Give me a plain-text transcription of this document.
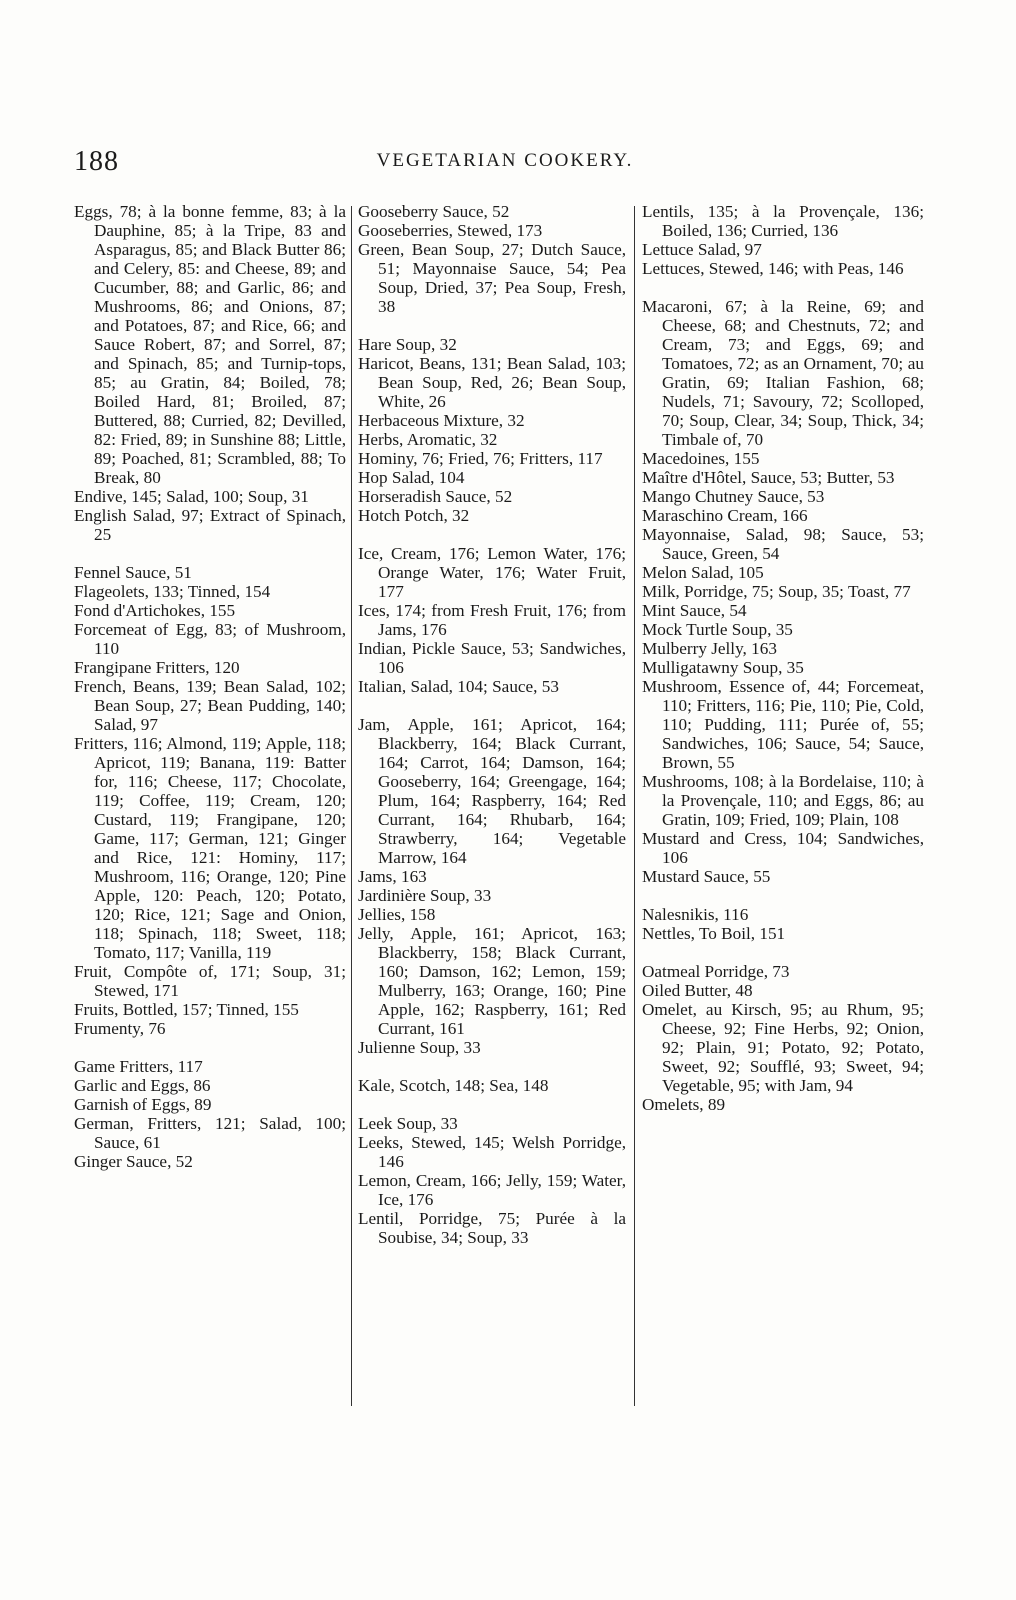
188	VEGETARIAN COOKERY.

Eggs, 78; à la bonne femme, 83; à la Dauphine, 85; à la Tripe, 83 and Asparagus, 85; and Black Butter 86; and Celery, 85: and Cheese, 89; and Cucumber, 88; and Garlic, 86; and Mushrooms, 86; and Onions, 87; and Potatoes, 87; and Rice, 66; and Sauce Robert, 87; and Sorrel, 87; and Spinach, 85; and Turnip-tops, 85; au Gratin, 84; Boiled, 78; Boiled Hard, 81; Broiled, 87; Buttered, 88; Curried, 82; Devilled, 82: Fried, 89; in Sunshine 88; Little, 89; Poached, 81; Scrambled, 88; To Break, 80

Endive, 145; Salad, 100; Soup, 31

English Salad, 97; Extract of Spinach, 25

Fennel Sauce, 51

Flageolets, 133; Tinned, 154

Fond d'Artichokes, 155

Forcemeat of Egg, 83; of Mushroom, 110

Frangipane Fritters, 120

French, Beans, 139; Bean Salad, 102; Bean Soup, 27; Bean Pudding, 140; Salad, 97

Fritters, 116; Almond, 119; Apple, 118; Apricot, 119; Banana, 119: Batter for, 116; Cheese, 117; Chocolate, 119; Coffee, 119; Cream, 120; Custard, 119; Frangipane, 120; Game, 117; German, 121; Ginger and Rice, 121: Hominy, 117; Mushroom, 116; Orange, 120; Pine Apple, 120: Peach, 120; Potato, 120; Rice, 121; Sage and Onion, 118; Spinach, 118; Sweet, 118; Tomato, 117; Vanilla, 119

Fruit, Compôte of, 171; Soup, 31; Stewed, 171

Fruits, Bottled, 157; Tinned, 155

Frumenty, 76

Game Fritters, 117

Garlic and Eggs, 86

Garnish of Eggs, 89

German, Fritters, 121; Salad, 100; Sauce, 61

Ginger Sauce, 52

Gooseberry Sauce, 52

Gooseberries, Stewed, 173

Green, Bean Soup, 27; Dutch Sauce, 51; Mayonnaise Sauce, 54; Pea Soup, Dried, 37; Pea Soup, Fresh, 38

Hare Soup, 32

Haricot, Beans, 131; Bean Salad, 103; Bean Soup, Red, 26; Bean Soup, White, 26

Herbaceous Mixture, 32

Herbs, Aromatic, 32

Hominy, 76; Fried, 76; Fritters, 117

Hop Salad, 104

Horseradish Sauce, 52

Hotch Potch, 32

Ice, Cream, 176; Lemon Water, 176; Orange Water, 176; Water Fruit, 177

Ices, 174; from Fresh Fruit, 176; from Jams, 176

Indian, Pickle Sauce, 53; Sandwiches, 106

Italian, Salad, 104; Sauce, 53

Jam, Apple, 161; Apricot, 164; Blackberry, 164; Black Currant, 164; Carrot, 164; Damson, 164; Gooseberry, 164; Greengage, 164; Plum, 164; Raspberry, 164; Red Currant, 164; Rhubarb, 164; Strawberry, 164; Vegetable Marrow, 164

Jams, 163

Jardinière Soup, 33

Jellies, 158

Jelly, Apple, 161; Apricot, 163; Blackberry, 158; Black Currant, 160; Damson, 162; Lemon, 159; Mulberry, 163; Orange, 160; Pine Apple, 162; Raspberry, 161; Red Currant, 161

Julienne Soup, 33

Kale, Scotch, 148; Sea, 148

Leek Soup, 33

Leeks, Stewed, 145; Welsh Porridge, 146

Lemon, Cream, 166; Jelly, 159; Water, Ice, 176

Lentil, Porridge, 75; Purée à la Soubise, 34; Soup, 33

Lentils, 135; à la Provençale, 136; Boiled, 136; Curried, 136

Lettuce Salad, 97

Lettuces, Stewed, 146; with Peas, 146

Macaroni, 67; à la Reine, 69; and Cheese, 68; and Chestnuts, 72; and Cream, 73; and Eggs, 69; and Tomatoes, 72; as an Ornament, 70; au Gratin, 69; Italian Fashion, 68; Nudels, 71; Savoury, 72; Scolloped, 70; Soup, Clear, 34; Soup, Thick, 34; Timbale of, 70

Macedoines, 155

Maître d'Hôtel, Sauce, 53; Butter, 53

Mango Chutney Sauce, 53

Maraschino Cream, 166

Mayonnaise, Salad, 98; Sauce, 53; Sauce, Green, 54

Melon Salad, 105

Milk, Porridge, 75; Soup, 35; Toast, 77

Mint Sauce, 54

Mock Turtle Soup, 35

Mulberry Jelly, 163

Mulligatawny Soup, 35

Mushroom, Essence of, 44; Forcemeat, 110; Fritters, 116; Pie, 110; Pie, Cold, 110; Pudding, 111; Purée of, 55; Sandwiches, 106; Sauce, 54; Sauce, Brown, 55

Mushrooms, 108; à la Bordelaise, 110; à la Provençale, 110; and Eggs, 86; au Gratin, 109; Fried, 109; Plain, 108

Mustard and Cress, 104; Sandwiches, 106

Mustard Sauce, 55

Nalesnikis, 116

Nettles, To Boil, 151

Oatmeal Porridge, 73

Oiled Butter, 48

Omelet, au Kirsch, 95; au Rhum, 95; Cheese, 92; Fine Herbs, 92; Onion, 92; Plain, 91; Potato, 92; Potato, Sweet, 92; Soufflé, 93; Sweet, 94; Vegetable, 95; with Jam, 94

Omelets, 89
